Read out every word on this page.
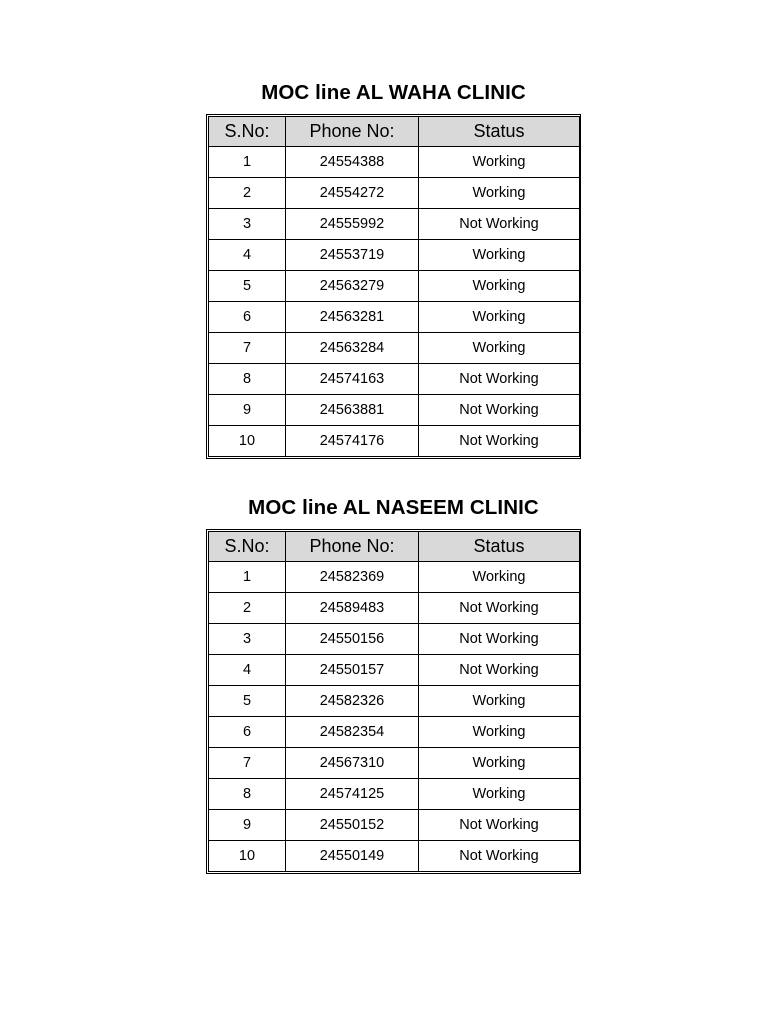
MOC line AL WAHA CLINIC
S.No:	Phone No:	Status
1	24554388	Working
2	24554272	Working
3	24555992	Not Working
4	24553719	Working
5	24563279	Working
6	24563281	Working
7	24563284	Working
8	24574163	Not Working
9	24563881	Not Working
10	24574176	Not Working
MOC line AL NASEEM CLINIC
S.No:	Phone No:	Status
1	24582369	Working
2	24589483	Not Working
3	24550156	Not Working
4	24550157	Not Working
5	24582326	Working
6	24582354	Working
7	24567310	Working
8	24574125	Working
9	24550152	Not Working
10	24550149	Not Working
